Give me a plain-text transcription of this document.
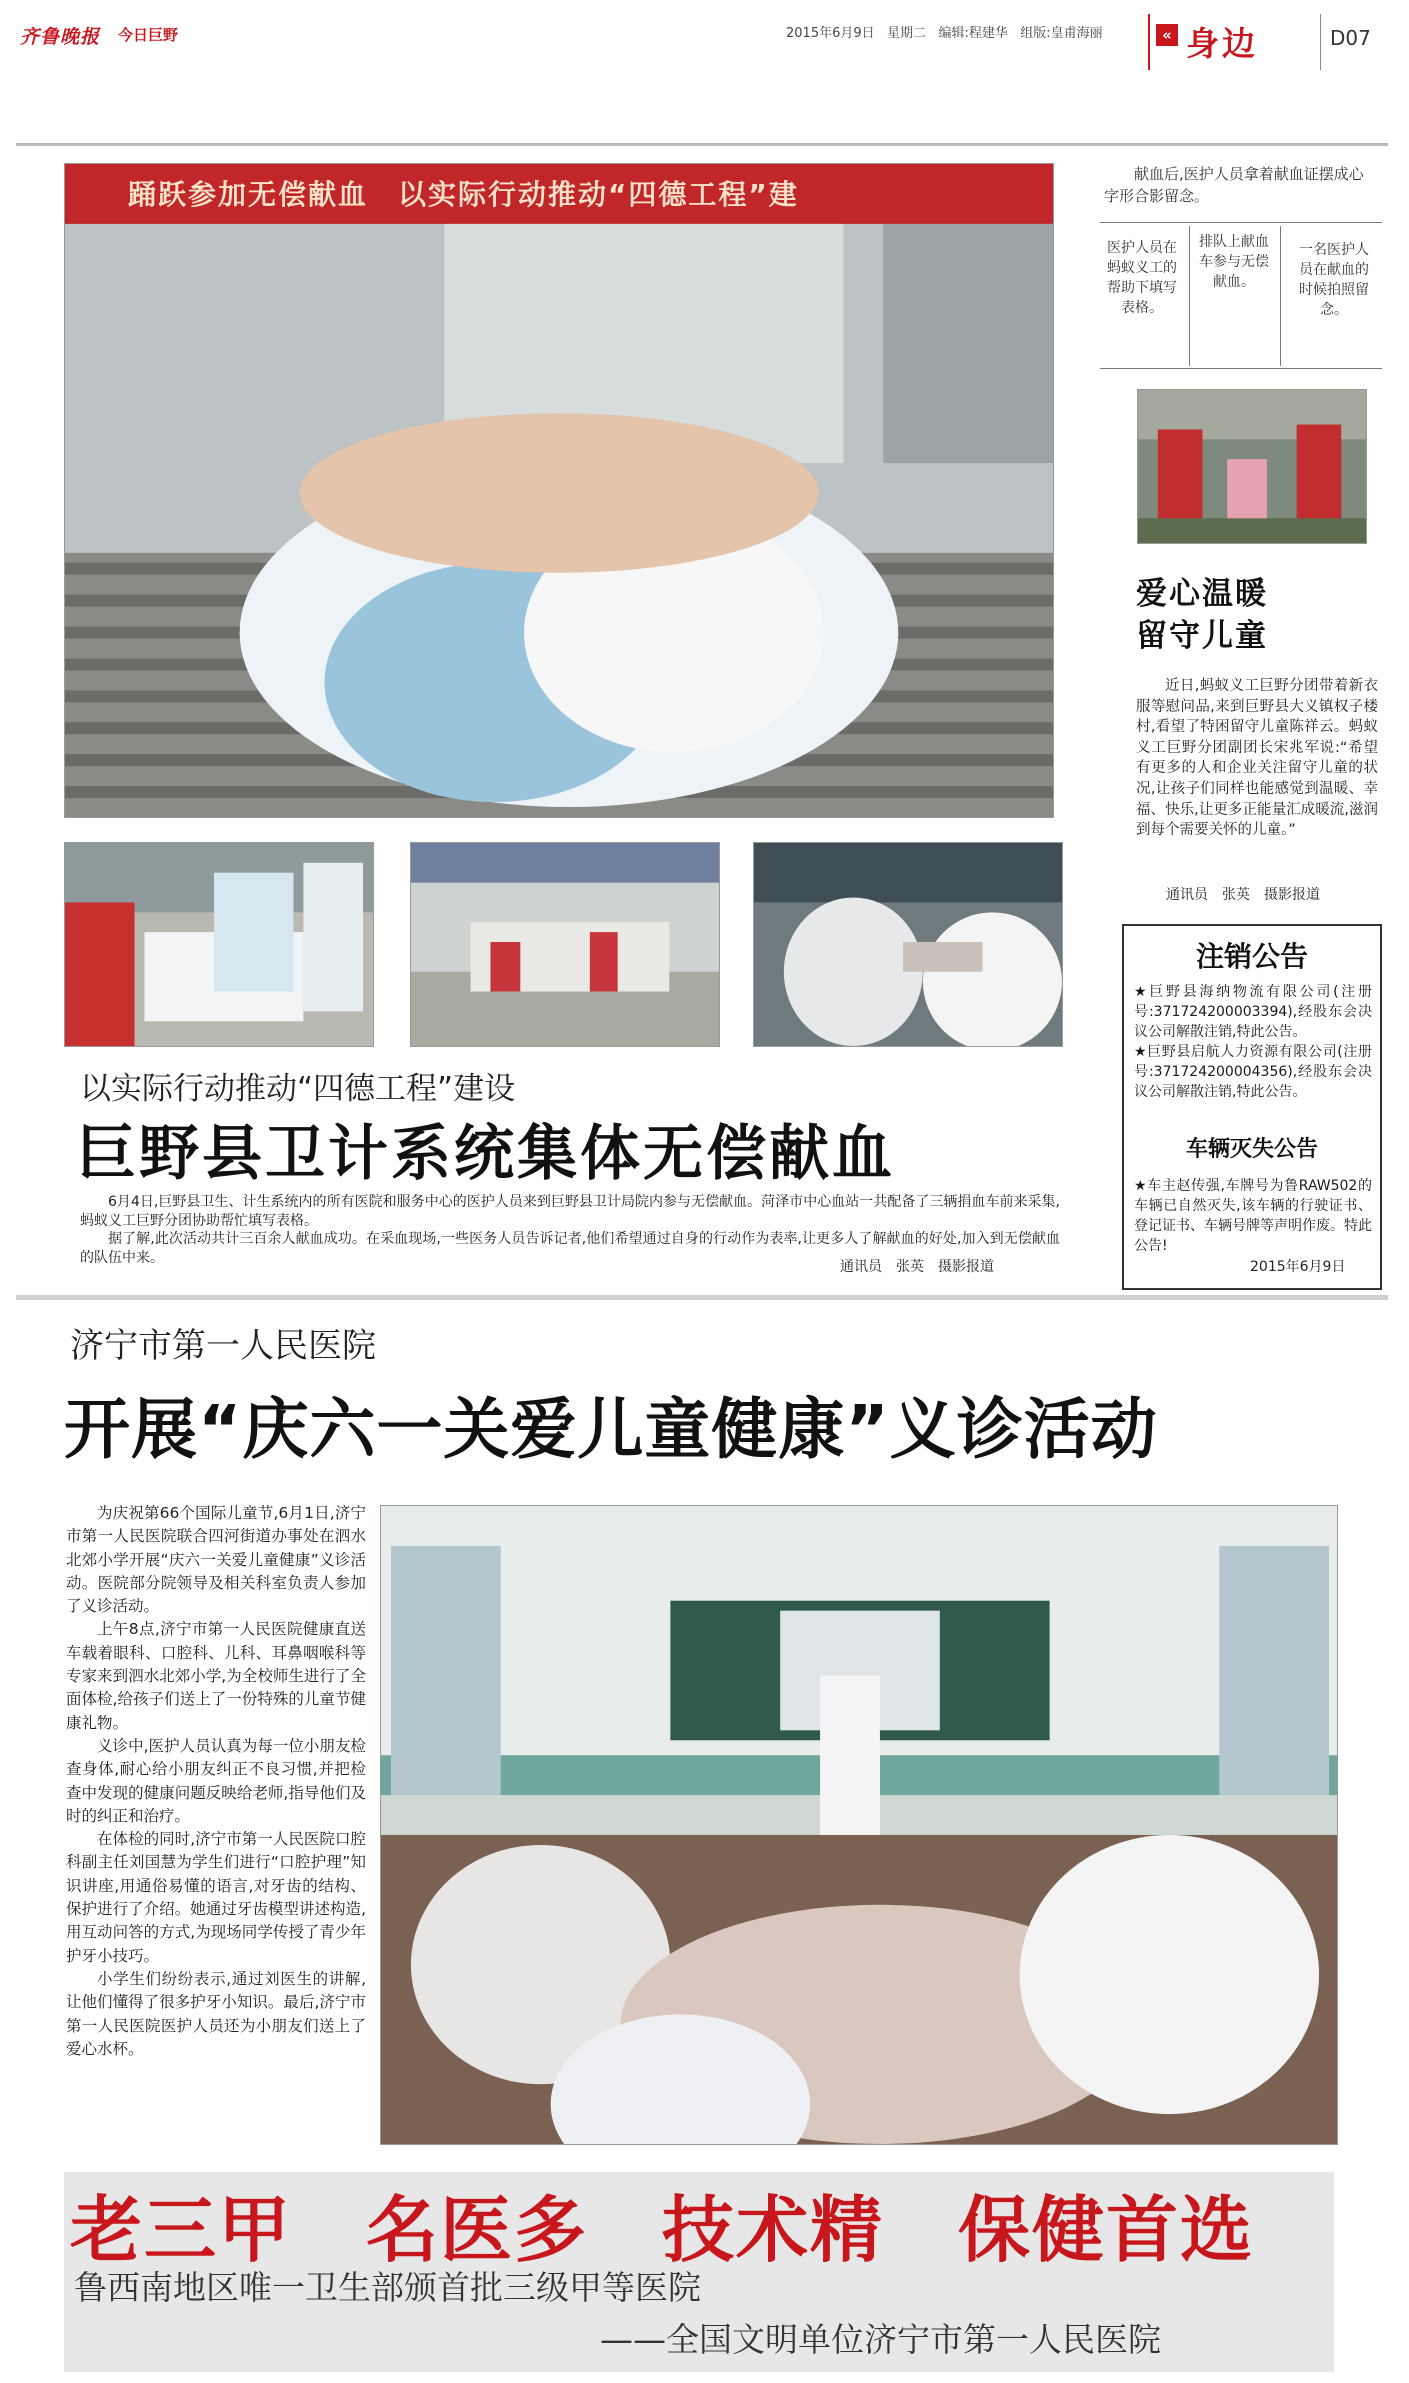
齐鲁晚报 今日巨野	2015年6月9日 星期二 编辑:程建华 组版:皇甫海丽	« 身边	D07
踊跃参加无偿献血　以实际行动推动“四德工程”建
献血后,医护人员拿着献血证摆成心字形合影留念。
医护人员在蚂蚁义工的帮助下填写表格。
排队上献血车参与无偿献血。
一名医护人员在献血的时候拍照留念。
以实际行动推动“四德工程”建设
巨野县卫计系统集体无偿献血

6月4日,巨野县卫生、计生系统内的所有医院和服务中心的医护人员来到巨野县卫计局院内参与无偿献血。菏泽市中心血站一共配备了三辆捐血车前来采集,蚂蚁义工巨野分团协助帮忙填写表格。

据了解,此次活动共计三百余人献血成功。在采血现场,一些医务人员告诉记者,他们希望通过自身的行动作为表率,让更多人了解献血的好处,加入到无偿献血的队伍中来。

通讯员　张英　摄影报道
爱心温暖
留守儿童
近日,蚂蚁义工巨野分团带着新衣服等慰问品,来到巨野县大义镇权子楼村,看望了特困留守儿童陈祥云。蚂蚁义工巨野分团副团长宋兆军说:“希望有更多的人和企业关注留守儿童的状况,让孩子们同样也能感觉到温暖、幸福、快乐,让更多正能量汇成暖流,滋润到每个需要关怀的儿童。”
通讯员　张英　摄影报道
注销公告
★巨野县海纳物流有限公司(注册号:371724200003394),经股东会决议公司解散注销,特此公告。
★巨野县启航人力资源有限公司(注册号:371724200004356),经股东会决议公司解散注销,特此公告。
车辆灭失公告
★车主赵传强,车牌号为鲁RAW502的车辆已自然灭失,该车辆的行驶证书、登记证书、车辆号牌等声明作废。特此公告!
2015年6月9日
济宁市第一人民医院
开展“庆六一关爱儿童健康”义诊活动

为庆祝第66个国际儿童节,6月1日,济宁市第一人民医院联合四河街道办事处在泗水北郊小学开展“庆六一关爱儿童健康”义诊活动。医院部分院领导及相关科室负责人参加了义诊活动。

上午8点,济宁市第一人民医院健康直送车载着眼科、口腔科、儿科、耳鼻咽喉科等专家来到泗水北郊小学,为全校师生进行了全面体检,给孩子们送上了一份特殊的儿童节健康礼物。

义诊中,医护人员认真为每一位小朋友检查身体,耐心给小朋友纠正不良习惯,并把检查中发现的健康问题反映给老师,指导他们及时的纠正和治疗。

在体检的同时,济宁市第一人民医院口腔科副主任刘国慧为学生们进行“口腔护理”知识讲座,用通俗易懂的语言,对牙齿的结构、保护进行了介绍。她通过牙齿模型讲述构造,用互动问答的方式,为现场同学传授了青少年护牙小技巧。

小学生们纷纷表示,通过刘医生的讲解,让他们懂得了很多护牙小知识。最后,济宁市第一人民医院医护人员还为小朋友们送上了爱心水杯。

老三甲　名医多　技术精　保健首选
鲁西南地区唯一卫生部颁首批三级甲等医院
——全国文明单位济宁市第一人民医院
